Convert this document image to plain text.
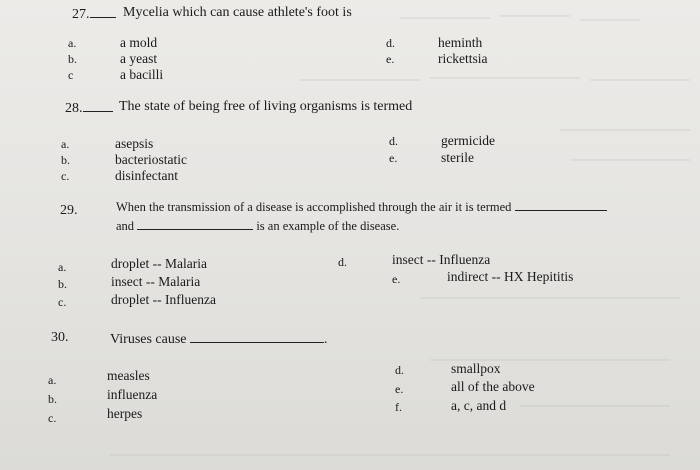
27.	Mycelia which can cause athlete's foot is
a.	a mold
b.	a yeast
c	a bacilli
d.	heminth
e.	rickettsia
28.	The state of being free of living organisms is termed
a.	asepsis
b.	bacteriostatic
c.	disinfectant
d.	germicide
e.	sterile
29.	When the transmission of a disease is accomplished through the air it is termed
and	is an example of the disease.
a.	droplet -- Malaria
b.	insect -- Malaria
c.	droplet -- Influenza
d.	insect -- Influenza
e.	indirect -- HX Hepititis
30.	Viruses cause	.
a.	measles
b.	influenza
c.	herpes
d.	smallpox
e.	all of the above
f.	a, c, and d
